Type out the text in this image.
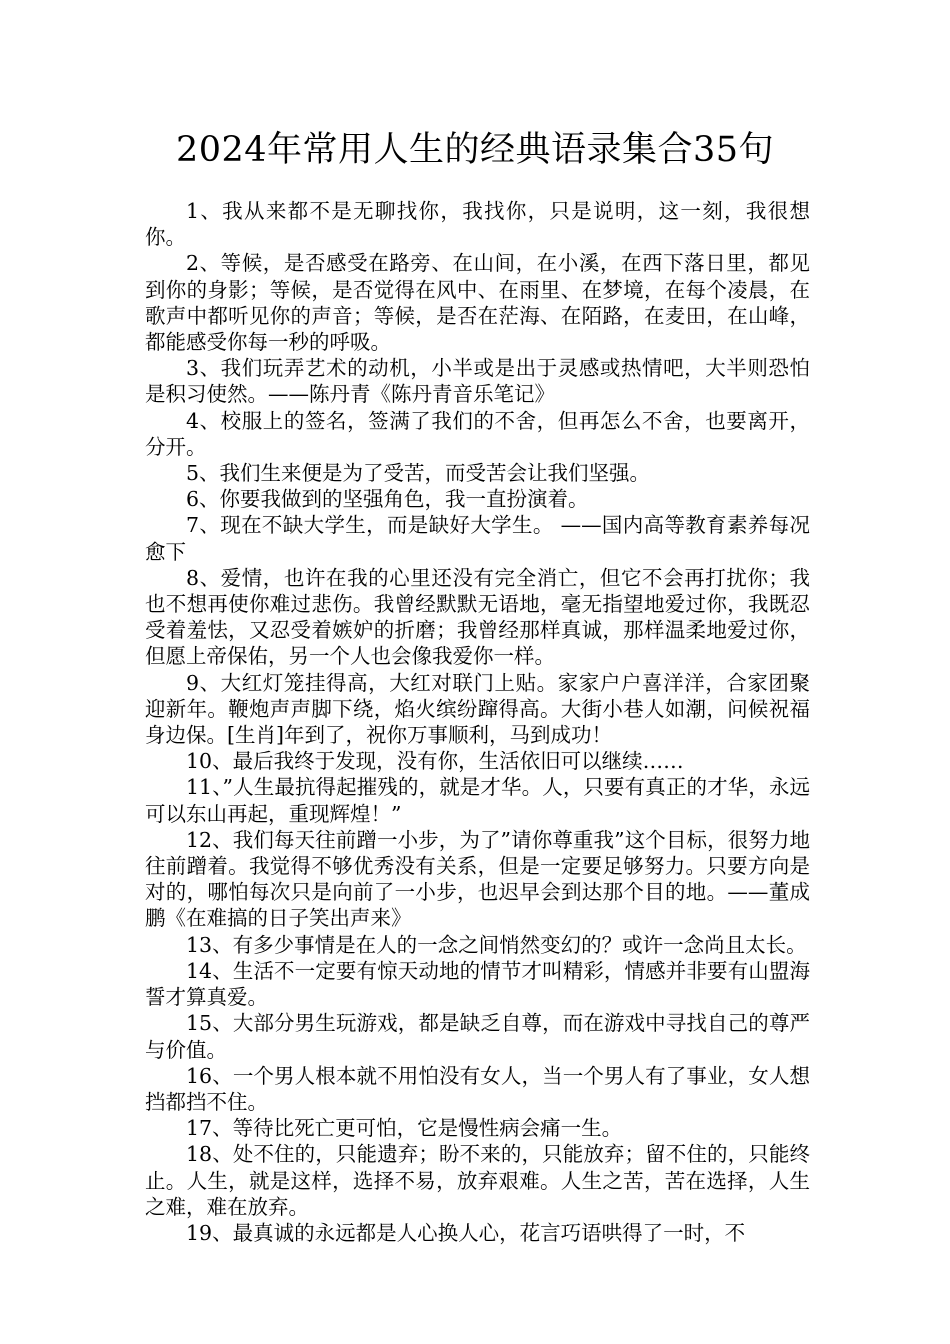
2024年常用人生的经典语录集合35句

1、我从来都不是无聊找你，我找你，只是说明，这一刻，我很想你。

2、等候，是否感受在路旁、在山间，在小溪，在西下落日里，都见到你的身影；等候，是否觉得在风中、在雨里、在梦境，在每个凌晨，在歌声中都听见你的声音；等候，是否在茫海、在陌路，在麦田，在山峰，都能感受你每一秒的呼吸。

3、我们玩弄艺术的动机，小半或是出于灵感或热情吧，大半则恐怕是积习使然。——陈丹青《陈丹青音乐笔记》

4、校服上的签名，签满了我们的不舍，但再怎么不舍，也要离开，分开。

5、我们生来便是为了受苦，而受苦会让我们坚强。

6、你要我做到的坚强角色，我一直扮演着。

7、现在不缺大学生，而是缺好大学生。 ——国内高等教育素养每况愈下

8、爱情，也许在我的心里还没有完全消亡，但它不会再打扰你；我也不想再使你难过悲伤。我曾经默默无语地，毫无指望地爱过你，我既忍受着羞怯，又忍受着嫉妒的折磨；我曾经那样真诚，那样温柔地爱过你，但愿上帝保佑，另一个人也会像我爱你一样。

9、大红灯笼挂得高，大红对联门上贴。家家户户喜洋洋，合家团聚迎新年。鞭炮声声脚下绕，焰火缤纷蹿得高。大街小巷人如潮，问候祝福身边保。[生肖]年到了，祝你万事顺利，马到成功！

10、最后我终于发现，没有你，生活依旧可以继续……

11、”人生最抗得起摧残的，就是才华。人，只要有真正的才华，永远可以东山再起，重现辉煌！”

12、我们每天往前蹭一小步，为了”请你尊重我”这个目标，很努力地往前蹭着。我觉得不够优秀没有关系，但是一定要足够努力。只要方向是对的，哪怕每次只是向前了一小步，也迟早会到达那个目的地。——董成鹏《在难搞的日子笑出声来》

13、有多少事情是在人的一念之间悄然变幻的？或许一念尚且太长。

14、生活不一定要有惊天动地的情节才叫精彩，情感并非要有山盟海誓才算真爱。

15、大部分男生玩游戏，都是缺乏自尊，而在游戏中寻找自己的尊严与价值。

16、一个男人根本就不用怕没有女人，当一个男人有了事业，女人想挡都挡不住。

17、等待比死亡更可怕，它是慢性病会痛一生。

18、处不住的，只能遗弃；盼不来的，只能放弃；留不住的，只能终止。人生，就是这样，选择不易，放弃艰难。人生之苦，苦在选择，人生之难，难在放弃。

19、最真诚的永远都是人心换人心，花言巧语哄得了一时，不
